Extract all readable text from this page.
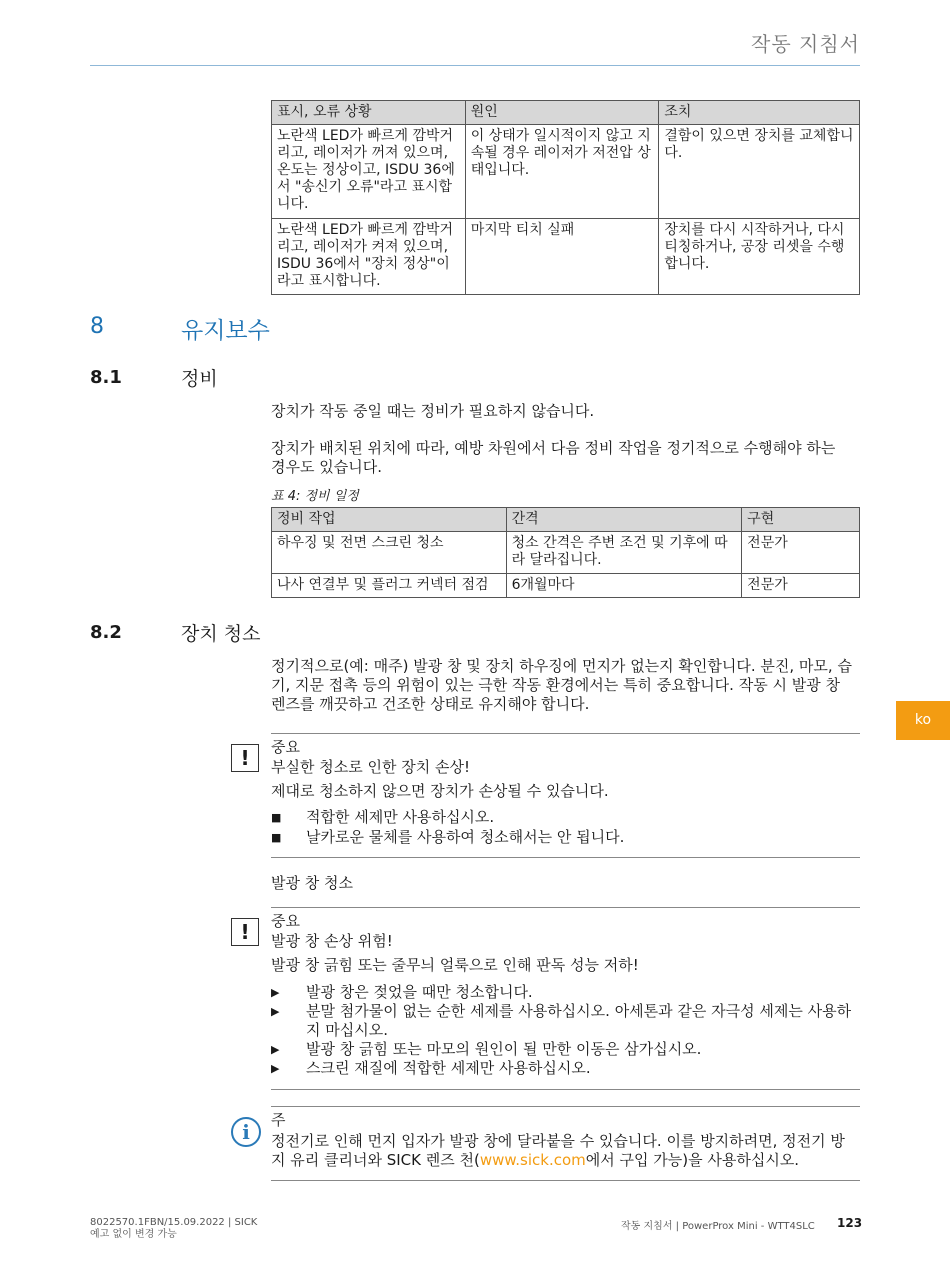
작동 지침서
표시, 오류 상황	원인	조치
노란색 LED가 빠르게 깜박거리고, 레이저가 꺼져 있으며, 온도는 정상이고, ISDU 36에서 "송신기 오류"라고 표시합니다.	이 상태가 일시적이지 않고 지속될 경우 레이저가 저전압 상태입니다.	결함이 있으면 장치를 교체합니다.
노란색 LED가 빠르게 깜박거리고, 레이저가 켜져 있으며, ISDU 36에서 "장치 정상"이라고 표시합니다.	마지막 티치 실패	장치를 다시 시작하거나, 다시 티칭하거나, 공장 리셋을 수행합니다.
8	유지보수
8.1	정비
장치가 작동 중일 때는 정비가 필요하지 않습니다.
장치가 배치된 위치에 따라, 예방 차원에서 다음 정비 작업을 정기적으로 수행해야 하는 경우도 있습니다.
표 4: 정비 일정
정비 작업	간격	구현
하우징 및 전면 스크린 청소	청소 간격은 주변 조건 및 기후에 따라 달라집니다.	전문가
나사 연결부 및 플러그 커넥터 점검	6개월마다	전문가
8.2	장치 청소
정기적으로(예: 매주) 발광 창 및 장치 하우징에 먼지가 없는지 확인합니다. 분진, 마모, 습기, 지문 접촉 등의 위험이 있는 극한 작동 환경에서는 특히 중요합니다. 작동 시 발광 창 렌즈를 깨끗하고 건조한 상태로 유지해야 합니다.
!	중요
부실한 청소로 인한 장치 손상!
제대로 청소하지 않으면 장치가 손상될 수 있습니다.
■ 적합한 세제만 사용하십시오.
■ 날카로운 물체를 사용하여 청소해서는 안 됩니다.
발광 창 청소
!	중요
발광 창 손상 위험!
발광 창 긁힘 또는 줄무늬 얼룩으로 인해 판독 성능 저하!
▶ 발광 창은 젖었을 때만 청소합니다.
▶ 분말 첨가물이 없는 순한 세제를 사용하십시오. 아세톤과 같은 자극성 세제는 사용하지 마십시오.
▶ 발광 창 긁힘 또는 마모의 원인이 될 만한 이동은 삼가십시오.
▶ 스크린 재질에 적합한 세제만 사용하십시오.
i	주
정전기로 인해 먼지 입자가 발광 창에 달라붙을 수 있습니다. 이를 방지하려면, 정전기 방지 유리 클리너와 SICK 렌즈 천(www.sick.com에서 구입 가능)을 사용하십시오.
ko
8022570.1FBN/15.09.2022 | SICK
예고 없이 변경 가능
작동 지침서 | PowerProx Mini - WTT4SLC 123
